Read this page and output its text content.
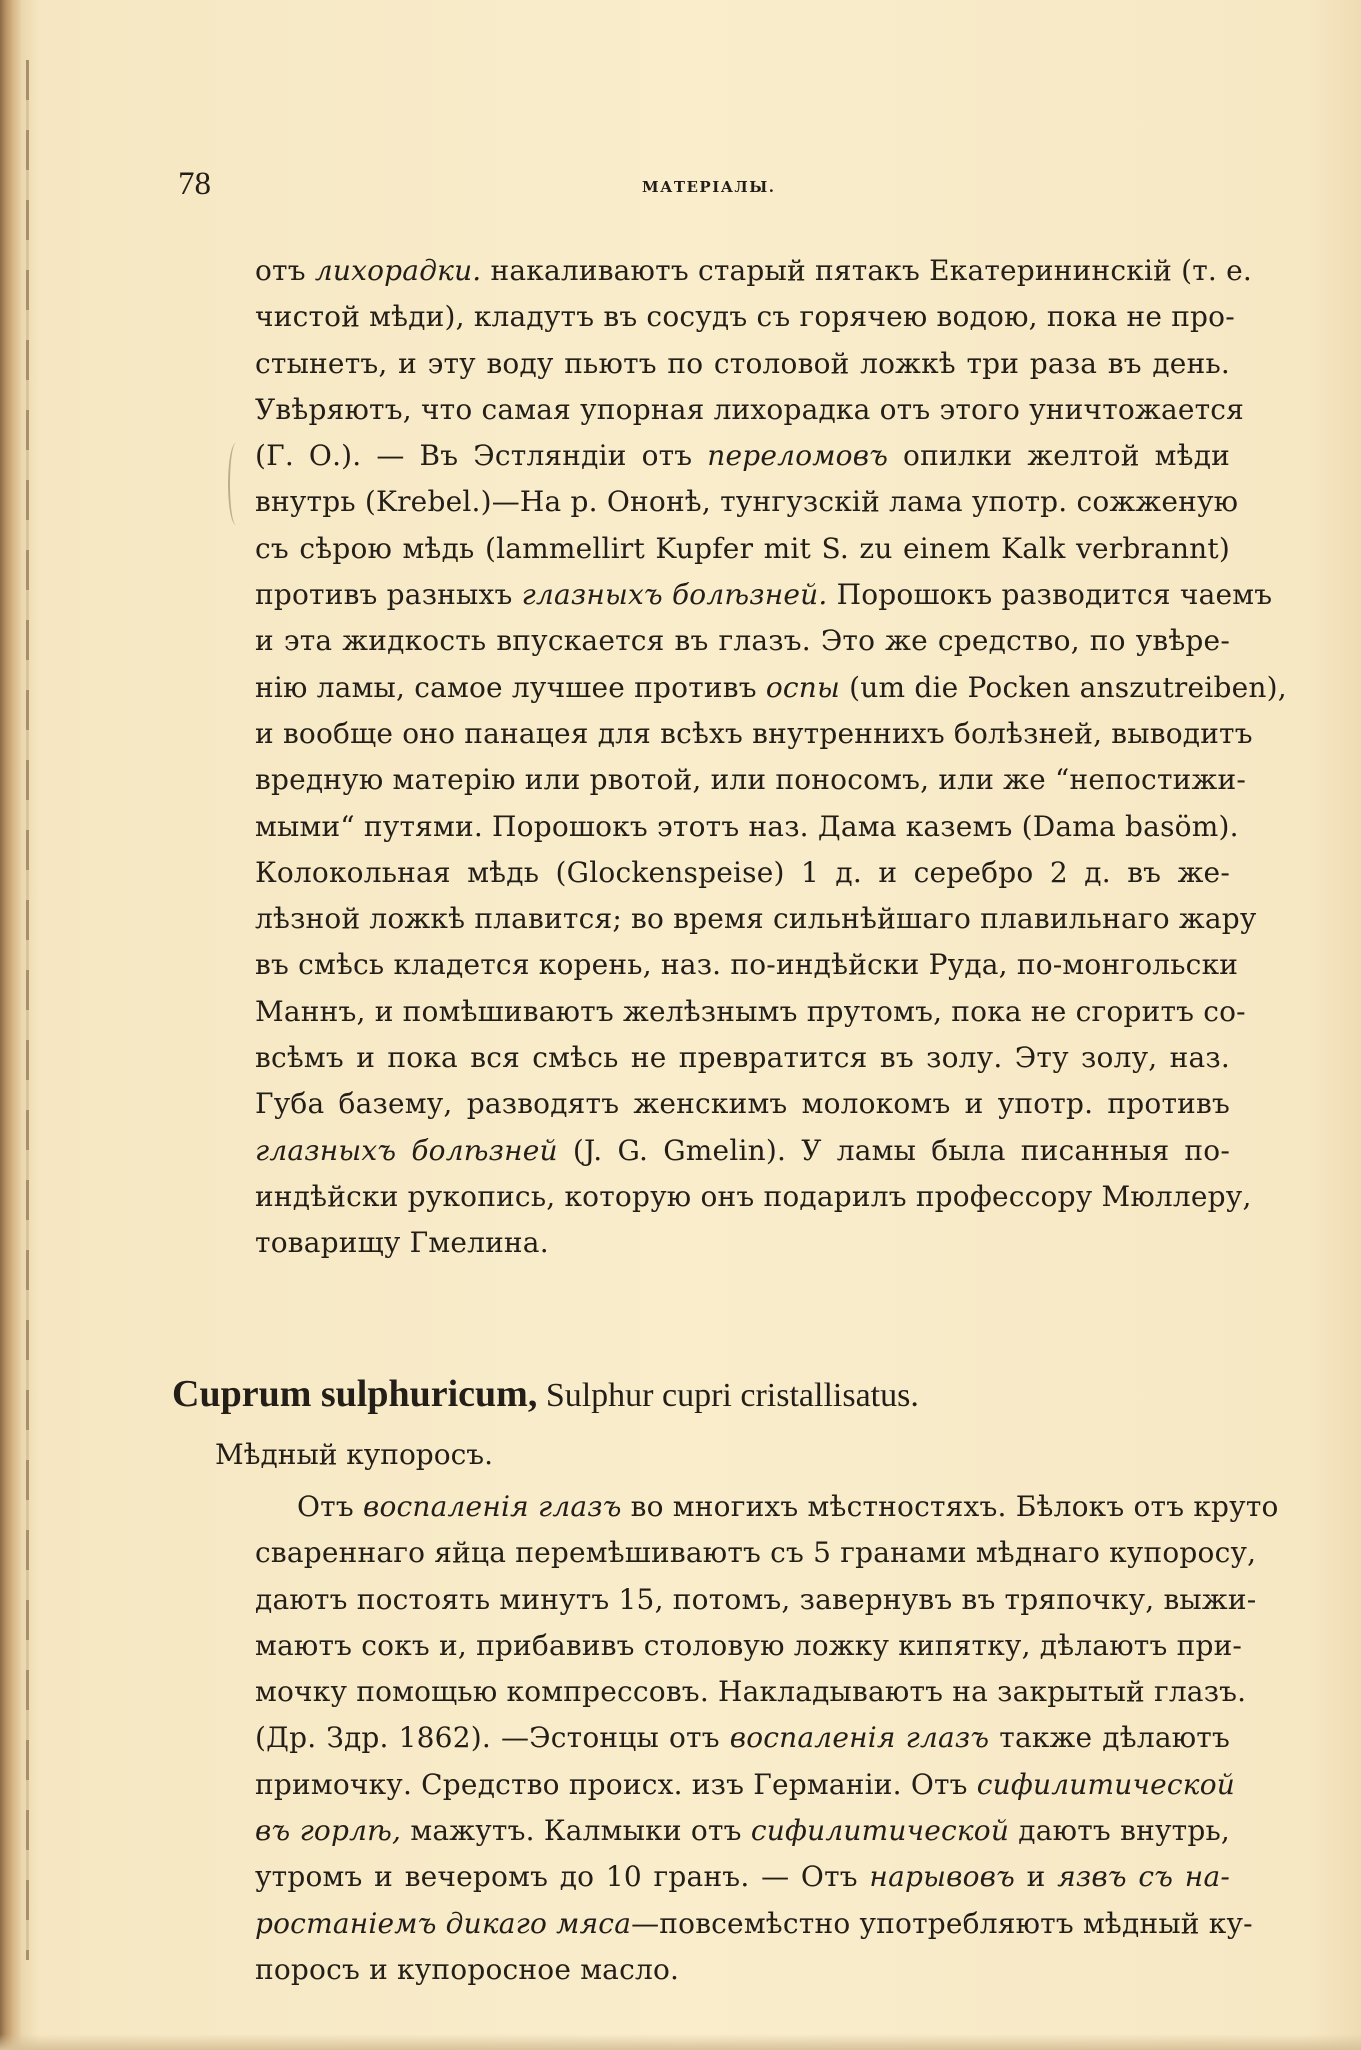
78	МАТЕРІАЛЫ.
отъ лихорадки. накаливаютъ старый пятакъ Екатерининскій (т. е.
чистой мѣди), кладутъ въ сосудъ съ горячею водою, пока не про-
стынетъ, и эту воду пьютъ по столовой ложкѣ три раза въ день.
Увѣряютъ, что самая упорная лихорадка отъ этого уничтожается
(Г. О.). — Въ Эстляндіи отъ переломовъ опилки желтой мѣди
внутрь (Krebel.)—На р. Ононѣ, тунгузскій лама употр. сожженую
съ сѣрою мѣдь (lammellirt Kupfer mit S. zu einem Kalk verbrannt)
противъ разныхъ глазныхъ болѣзней. Порошокъ разводится чаемъ
и эта жидкость впускается въ глазъ. Это же средство, по увѣре-
нію ламы, самое лучшее противъ оспы (um die Pocken anszutreiben),
и вообще оно панацея для всѣхъ внутреннихъ болѣзней, выводитъ
вредную матерію или рвотой, или поносомъ, или же “непостижи-
мыми“ путями. Порошокъ этотъ наз. Дама каземъ (Dama basöm).
Колокольная мѣдь (Glockenspeise) 1 д. и серебро 2 д. въ же-
лѣзной ложкѣ плавится; во время сильнѣйшаго плавильнаго жару
въ смѣсь кладется корень, наз. по-индѣйски Руда, по-монгольски
Маннъ, и помѣшиваютъ желѣзнымъ прутомъ, пока не сгоритъ со-
всѣмъ и пока вся смѣсь не превратится въ золу. Эту золу, наз.
Губа базему, разводятъ женскимъ молокомъ и употр. противъ
глазныхъ болѣзней (J. G. Gmelin). У ламы была писанныя по-
индѣйски рукопись, которую онъ подарилъ профессору Мюллеру,
товарищу Гмелина.
Cuprum sulphuricum, Sulphur cupri cristallisatus.
Мѣдный купоросъ.
Отъ воспаленія глазъ во многихъ мѣстностяхъ. Бѣлокъ отъ круто
свареннаго яйца перемѣшиваютъ съ 5 гранами мѣднаго купоросу,
даютъ постоять минутъ 15, потомъ, завернувъ въ тряпочку, выжи-
маютъ сокъ и, прибавивъ столовую ложку кипятку, дѣлаютъ при-
мочку помощью компрессовъ. Накладываютъ на закрытый глазъ.
(Др. Здр. 1862). —Эстонцы отъ воспаленія глазъ также дѣлаютъ
примочку. Средство происх. изъ Германіи. Отъ сифилитической
въ горлѣ, мажутъ. Калмыки отъ сифилитической даютъ внутрь,
утромъ и вечеромъ до 10 гранъ. — Отъ нарывовъ и язвъ съ на-
ростаніемъ дикаго мяса—повсемѣстно употребляютъ мѣдный ку-
поросъ и купоросное масло.
